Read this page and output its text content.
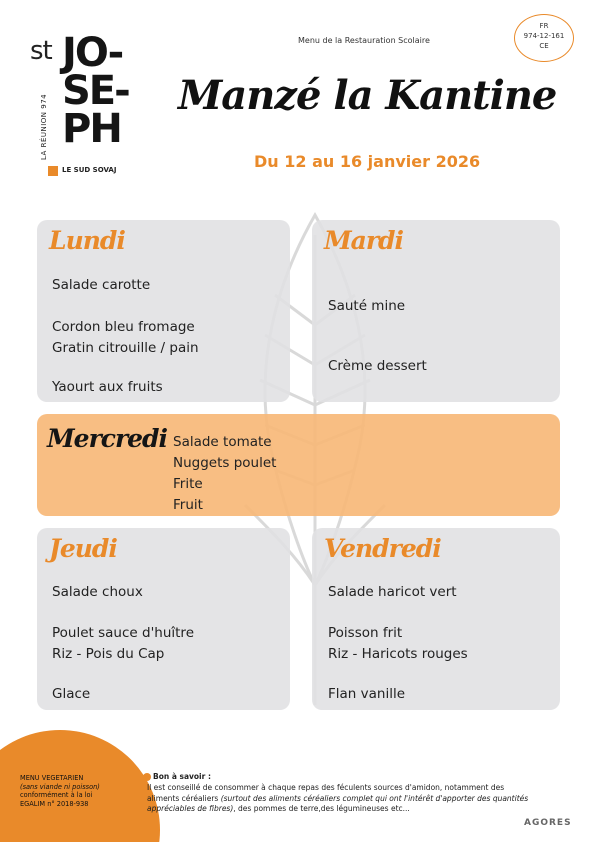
st JO-
SE-
PH
LA RÉUNION 974
LE SUD SOVAJ
Menu de la Restauration Scolaire
FR
974-12-161
CE
Manzé la Kantine
Du 12 au 16 janvier 2026
Lundi
Salade carotte
Cordon bleu fromage
Gratin citrouille / pain
Yaourt aux fruits
Mardi
Sauté mine
Crème dessert
Mercredi Salade tomate
Nuggets poulet
Frite
Fruit
Jeudi
Salade choux
Poulet sauce d'huître
Riz - Pois du Cap
Glace
Vendredi
Salade haricot vert
Poisson frit
Riz - Haricots rouges
Flan vanille
MENU VEGETARIEN
(sans viande ni poisson)
conformément à la loi
EGALIM n° 2018-938
Bon à savoir :
Il est conseillé de consommer à chaque repas des féculents sources d'amidon, notamment des
aliments céréaliers (surtout des aliments céréaliers complet qui ont l'intérêt d'apporter des quantités
appréciables de fibres), des pommes de terre,des légumineuses etc...
AGORES
